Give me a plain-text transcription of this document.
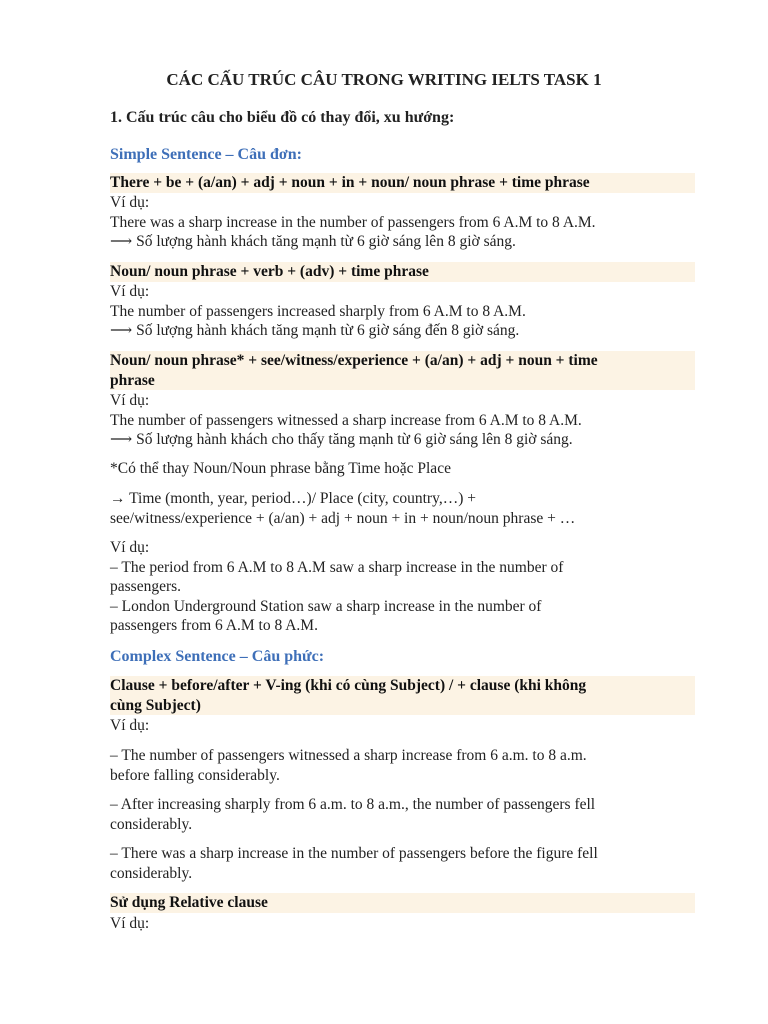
CÁC CẤU TRÚC CÂU TRONG WRITING IELTS TASK 1
1. Cấu trúc câu cho biểu đồ có thay đổi, xu hướng:
Simple Sentence – Câu đơn:
There + be + (a/an) + adj + noun + in + noun/ noun phrase + time phrase
Ví dụ:
There was a sharp increase in the number of passengers from 6 A.M to 8 A.M.
⟶ Số lượng hành khách tăng mạnh từ 6 giờ sáng lên 8 giờ sáng.
Noun/ noun phrase + verb + (adv) + time phrase
Ví dụ:
The number of passengers increased sharply from 6 A.M to 8 A.M.
⟶ Số lượng hành khách tăng mạnh từ 6 giờ sáng đến 8 giờ sáng.
Noun/ noun phrase* + see/witness/experience + (a/an) + adj + noun + time
phrase
Ví dụ:
The number of passengers witnessed a sharp increase from 6 A.M to 8 A.M.
⟶ Số lượng hành khách cho thấy tăng mạnh từ 6 giờ sáng lên 8 giờ sáng.
*Có thể thay Noun/Noun phrase bằng Time hoặc Place
→ Time (month, year, period…)/ Place (city, country,…) +
see/witness/experience + (a/an) + adj + noun + in + noun/noun phrase + …
Ví dụ:
– The period from 6 A.M to 8 A.M saw a sharp increase in the number of
passengers.
– London Underground Station saw a sharp increase in the number of
passengers from 6 A.M to 8 A.M.
Complex Sentence – Câu phức:
Clause + before/after + V-ing (khi có cùng Subject) / + clause (khi không
cùng Subject)
Ví dụ:
– The number of passengers witnessed a sharp increase from 6 a.m. to 8 a.m.
before falling considerably.
– After increasing sharply from 6 a.m. to 8 a.m., the number of passengers fell
considerably.
– There was a sharp increase in the number of passengers before the figure fell
considerably.
Sử dụng Relative clause
Ví dụ:
